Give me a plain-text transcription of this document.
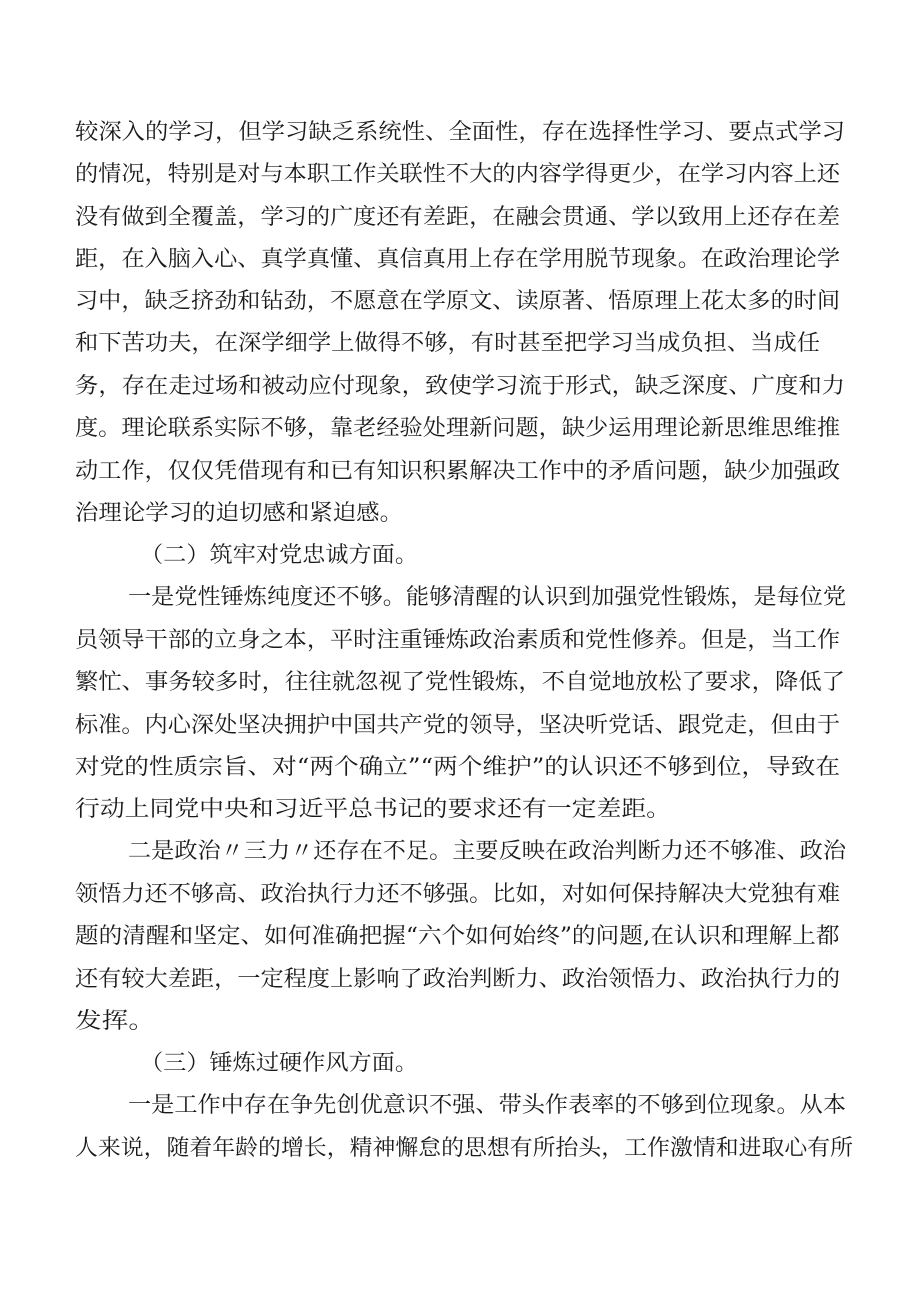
较深入的学习，但学习缺乏系统性、全面性，存在选择性学习、要点式学习
的情况，特别是对与本职工作关联性不大的内容学得更少，在学习内容上还
没有做到全覆盖，学习的广度还有差距，在融会贯通、学以致用上还存在差
距，在入脑入心、真学真懂、真信真用上存在学用脱节现象。在政治理论学
习中，缺乏挤劲和钻劲，不愿意在学原文、读原著、悟原理上花太多的时间
和下苦功夫，在深学细学上做得不够，有时甚至把学习当成负担、当成任
务，存在走过场和被动应付现象，致使学习流于形式，缺乏深度、广度和力
度。理论联系实际不够，靠老经验处理新问题，缺少运用理论新思维思维推
动工作，仅仅凭借现有和已有知识积累解决工作中的矛盾问题，缺少加强政
治理论学习的迫切感和紧迫感。
（二）筑牢对党忠诚方面。
一是党性锤炼纯度还不够。能够清醒的认识到加强党性锻炼，是每位党
员领导干部的立身之本，平时注重锤炼政治素质和党性修养。但是，当工作
繁忙、事务较多时，往往就忽视了党性锻炼，不自觉地放松了要求，降低了
标准。内心深处坚决拥护中国共产党的领导，坚决听党话、跟党走，但由于
对党的性质宗旨、对“两个确立”“两个维护”的认识还不够到位，导致在
行动上同党中央和习近平总书记的要求还有一定差距。
二是政治〃三力〃还存在不足。主要反映在政治判断力还不够准、政治
领悟力还不够高、政治执行力还不够强。比如，对如何保持解决大党独有难
题的清醒和坚定、如何准确把握“六个如何始终”的问题,在认识和理解上都
还有较大差距，一定程度上影响了政治判断力、政治领悟力、政治执行力的
发挥。
（三）锤炼过硬作风方面。
一是工作中存在争先创优意识不强、带头作表率的不够到位现象。从本
人来说，随着年龄的增长，精神懈怠的思想有所抬头，工作激情和进取心有所
